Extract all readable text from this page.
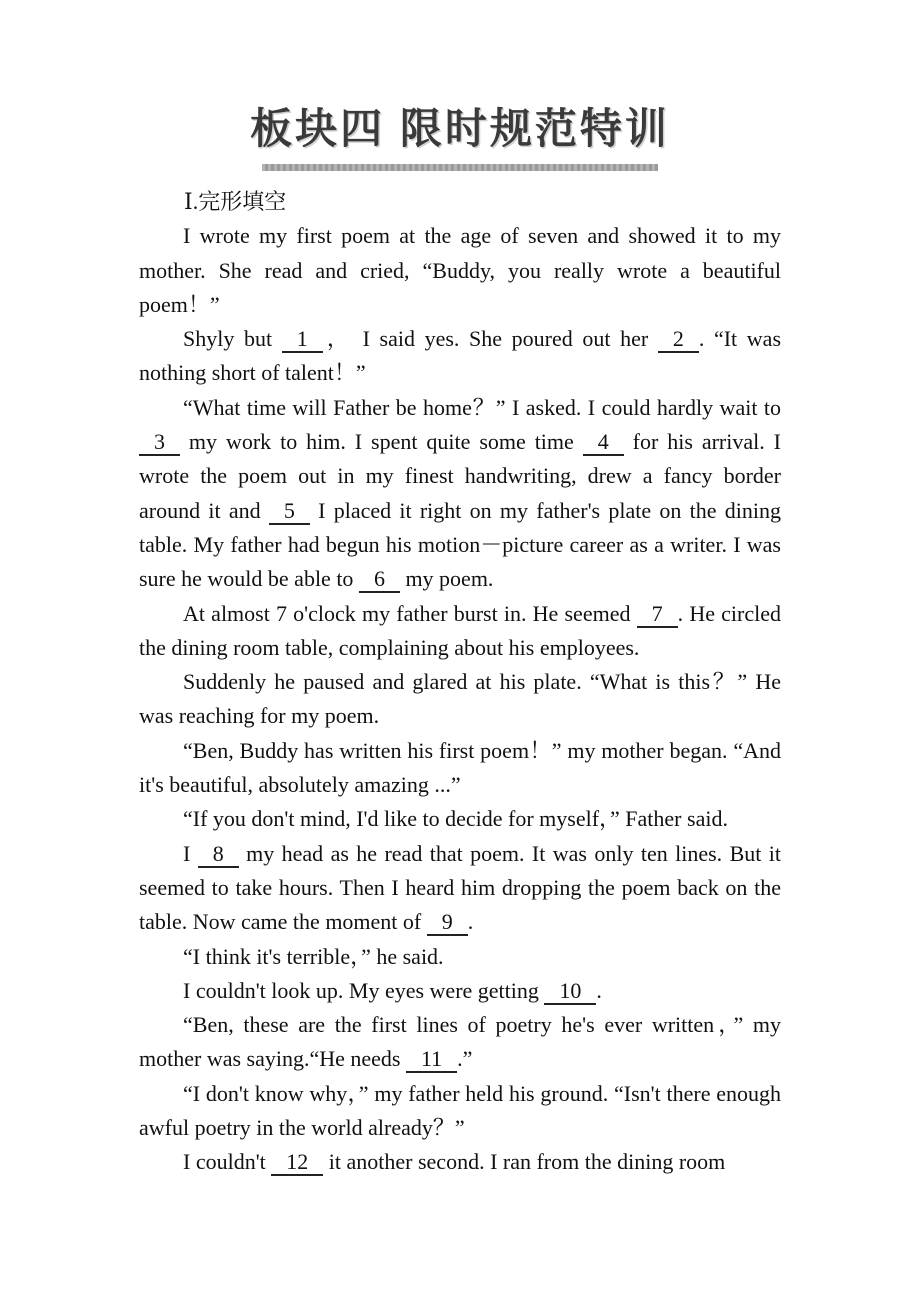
板块四 限时规范特训
Ⅰ.完形填空

I wrote my first poem at the age of seven and showed it to my mother. She read and cried, “Buddy, you really wrote a beautiful poem！”

Shyly but 1 ， I said yes. She poured out her 2 . “It was nothing short of talent！”

“What time will Father be home？” I asked. I could hardly wait to 3 my work to him. I spent quite some time 4 for his arrival. I wrote the poem out in my finest handwriting, drew a fancy border around it and 5 I placed it right on my father's plate on the dining table. My father had begun his motion－picture career as a writer. I was sure he would be able to 6 my poem.

At almost 7 o'clock my father burst in. He seemed 7 . He circled the dining room table, complaining about his employees.

Suddenly he paused and glared at his plate. “What is this？” He was reaching for my poem.

“Ben, Buddy has written his first poem！” my mother began. “And it's beautiful, absolutely amazing ...”

“If you don't mind, I'd like to decide for myself，” Father said.

I 8 my head as he read that poem. It was only ten lines. But it seemed to take hours. Then I heard him dropping the poem back on the table. Now came the moment of 9 .

“I think it's terrible，” he said.

I couldn't look up. My eyes were getting 10 .

“Ben, these are the first lines of poetry he's ever written，” my mother was saying.“He needs 11 .”

“I don't know why，” my father held his ground. “Isn't there enough awful poetry in the world already？”

I couldn't 12 it another second. I ran from the dining room
